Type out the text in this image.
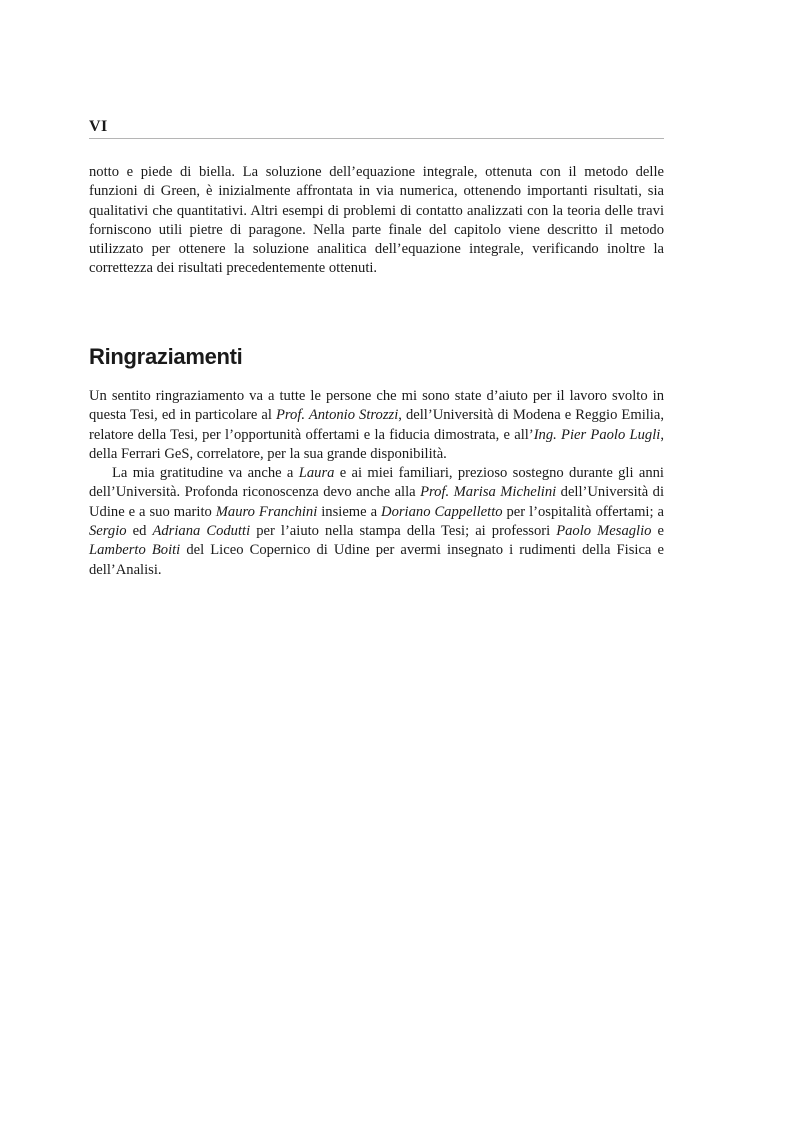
VI

notto e piede di biella. La soluzione dell’equazione integrale, ottenuta con il metodo delle funzioni di Green, è inizialmente affrontata in via numerica, ottenendo importanti risultati, sia qualitativi che quantitativi. Altri esempi di problemi di contatto analizzati con la teoria delle travi forniscono utili pietre di paragone. Nella parte finale del capitolo viene descritto il metodo utilizzato per ottenere la soluzione analitica dell’equazione integrale, verificando inoltre la correttezza dei risultati precedentemente ottenuti.

Ringraziamenti

Un sentito ringraziamento va a tutte le persone che mi sono state d’aiuto per il lavoro svolto in questa Tesi, ed in particolare al Prof. Antonio Strozzi, dell’Università di Modena e Reggio Emilia, relatore della Tesi, per l’opportunità offertami e la fiducia dimostrata, e all’Ing. Pier Paolo Lugli, della Ferrari GeS, correlatore, per la sua grande disponibilità.

La mia gratitudine va anche a Laura e ai miei familiari, prezioso sostegno durante gli anni dell’Università. Profonda riconoscenza devo anche alla Prof. Marisa Michelini dell’Università di Udine e a suo marito Mauro Franchini insieme a Doriano Cappelletto per l’ospitalità offertami; a Sergio ed Adriana Codutti per l’aiuto nella stampa della Tesi; ai professori Paolo Mesaglio e Lamberto Boiti del Liceo Copernico di Udine per avermi insegnato i rudimenti della Fisica e dell’Analisi.
